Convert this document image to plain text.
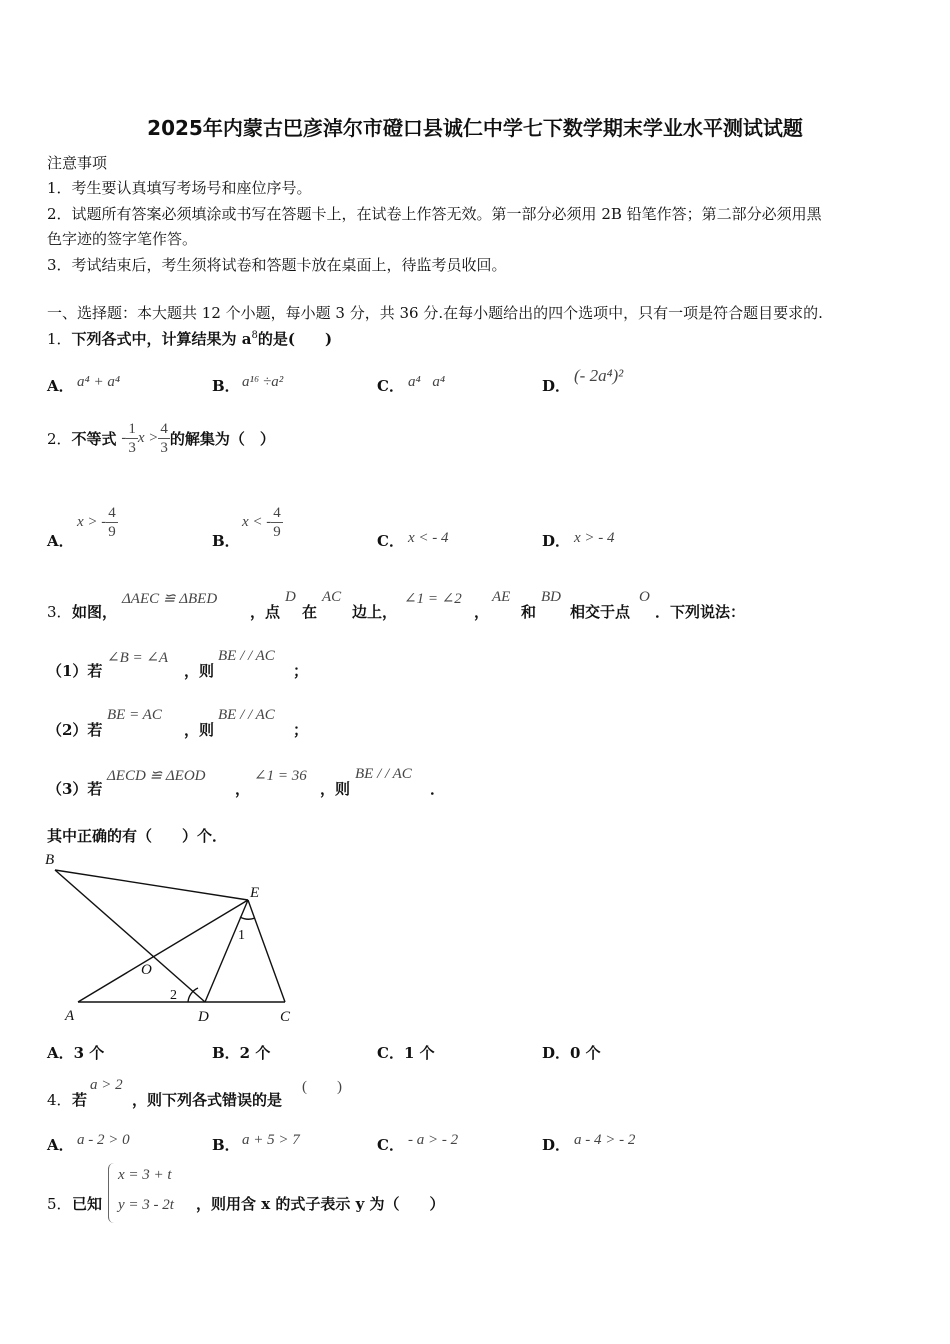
2025年内蒙古巴彦淖尔市磴口县诚仁中学七下数学期末学业水平测试试题
注意事项
1．考生要认真填写考场号和座位序号。
2．试题所有答案必须填涂或书写在答题卡上，在试卷上作答无效。第一部分必须用 2B 铅笔作答；第二部分必须用黑
色字迹的签字笔作答。
3．考试结束后，考生须将试卷和答题卡放在桌面上，待监考员收回。
一、选择题：本大题共 12 个小题，每小题 3 分，共 36 分.在每小题给出的四个选项中，只有一项是符合题目要求的.
1．下列各式中，计算结果为 $a^8$的是(　　)
A． a⁴ + a⁴	B． a¹⁶ ÷a²	C． a⁴⃞a⁴	D．
(- 2a⁴)²
2．不等式 - $\frac{1}{3}$ $x > \frac{4}{3}$ 的解集为（　）
A．
x > - $\frac{4}{9}$	B．
x < - $\frac{4}{9}$	C． x < - 4	D． x > - 4
3． 如图，
ΔAEC ≌ ΔBED
，点
D
在
AC
边上，
∠1 = ∠2
，
AE
和
BD
相交于点
O
．下列说法：
（1）若
∠B = ∠A
，则
BE / / AC
；
（2）若
BE = AC
，则
BE / / AC
；
（3）若
ΔECD ≌ ΔEOD
，
∠1 = 36
，则
BE / / AC
．
其中正确的有（　　）个．
B
E
O
A	D	C
1
2
A．3 个	B．2 个	C．1 个	D．0 个
4． 若
a > 2
，则下列各式错误的是
(　　)
A． a - 2 > 0	B． a + 5 > 7	C． - a > - 2	D． a - 4 > - 2
5． 已知
x = 3 + t
y = 3 - 2t ，则用含 x 的式子表示 y 为（　　）
